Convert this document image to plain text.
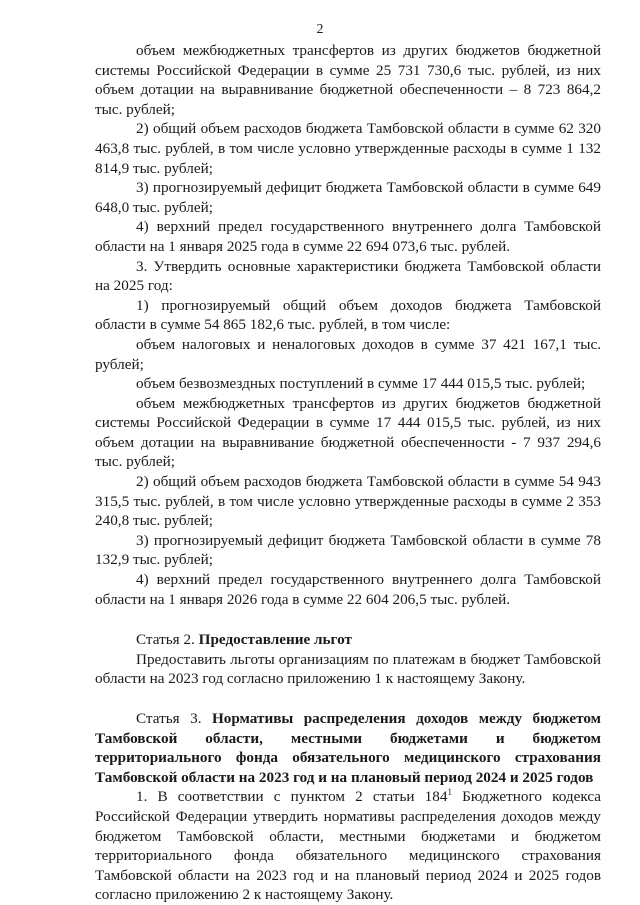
2

объем межбюджетных трансфертов из других бюджетов бюджетной системы Российской Федерации в сумме 25 731 730,6 тыс. рублей, из них объем дотации на выравнивание бюджетной обеспеченности – 8 723 864,2 тыс. рублей;

2) общий объем расходов бюджета Тамбовской области в сумме 62 320 463,8 тыс. рублей, в том числе условно утвержденные расходы в сумме 1 132 814,9 тыс. рублей;

3) прогнозируемый дефицит бюджета Тамбовской области в сумме 649 648,0 тыс. рублей;

4) верхний предел государственного внутреннего долга Тамбовской области на 1 января 2025 года в сумме 22 694 073,6 тыс. рублей.

3. Утвердить основные характеристики бюджета Тамбовской области на 2025 год:

1) прогнозируемый общий объем доходов бюджета Тамбовской области в сумме 54 865 182,6 тыс. рублей, в том числе:

объем налоговых и неналоговых доходов в сумме 37 421 167,1 тыс. рублей;

объем безвозмездных поступлений в сумме 17 444 015,5 тыс. рублей;

объем межбюджетных трансфертов из других бюджетов бюджетной системы Российской Федерации в сумме 17 444 015,5 тыс. рублей, из них объем дотации на выравнивание бюджетной обеспеченности - 7 937 294,6 тыс. рублей;

2) общий объем расходов бюджета Тамбовской области в сумме 54 943 315,5 тыс. рублей, в том числе условно утвержденные расходы в сумме 2 353 240,8 тыс. рублей;

3) прогнозируемый дефицит бюджета Тамбовской области в сумме 78 132,9 тыс. рублей;

4) верхний предел государственного внутреннего долга Тамбовской области на 1 января 2026 года в сумме 22 604 206,5 тыс. рублей.

Статья 2. Предоставление льгот

Предоставить льготы организациям по платежам в бюджет Тамбовской области на 2023 год согласно приложению 1 к настоящему Закону.

Статья 3. Нормативы распределения доходов между бюджетом Тамбовской области, местными бюджетами и бюджетом территориального фонда обязательного медицинского страхования Тамбовской области на 2023 год и на плановый период 2024 и 2025 годов

1. В соответствии с пунктом 2 статьи $184^1$ Бюджетного кодекса Российской Федерации утвердить нормативы распределения доходов между бюджетом Тамбовской области, местными бюджетами и бюджетом территориального фонда обязательного медицинского страхования Тамбовской области на 2023 год и на плановый период 2024 и 2025 годов согласно приложению 2 к настоящему Закону.
